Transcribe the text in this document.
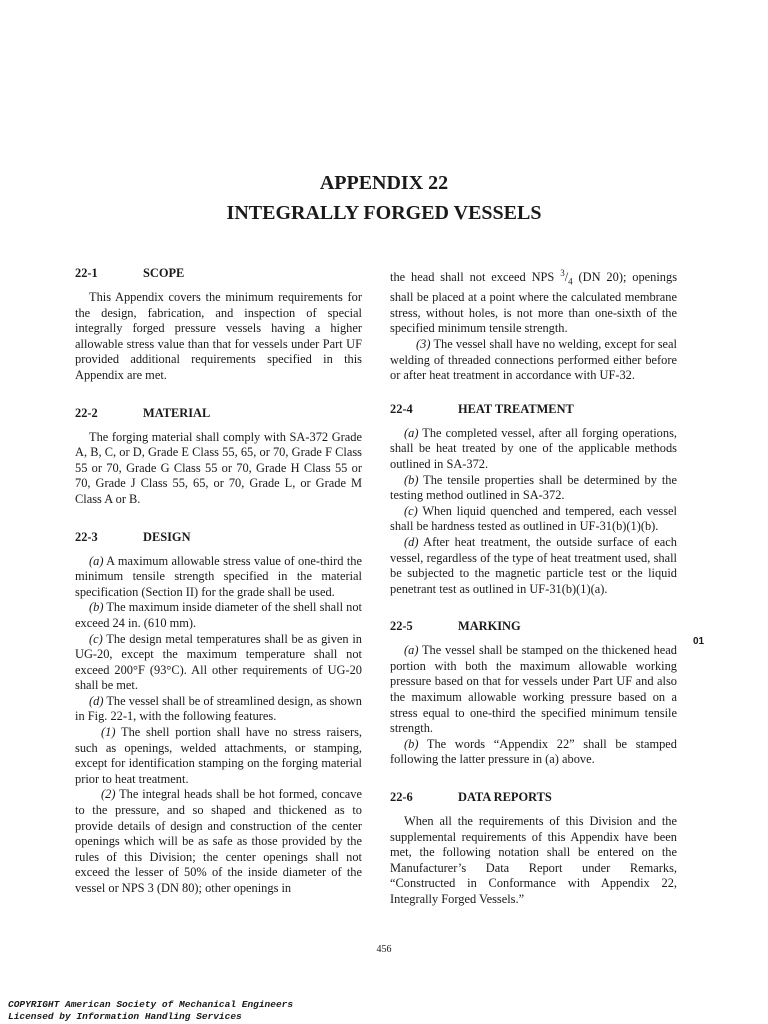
APPENDIX 22
INTEGRALLY FORGED VESSELS
22-1	SCOPE

This Appendix covers the minimum requirements for the design, fabrication, and inspection of special integrally forged pressure vessels having a higher allowable stress value than that for vessels under Part UF provided additional requirements specified in this Appendix are met.

22-2	MATERIAL

The forging material shall comply with SA-372 Grade A, B, C, or D, Grade E Class 55, 65, or 70, Grade F Class 55 or 70, Grade G Class 55 or 70, Grade H Class 55 or 70, Grade J Class 55, 65, or 70, Grade L, or Grade M Class A or B.

22-3	DESIGN

(a) A maximum allowable stress value of one-third the minimum tensile strength specified in the material specification (Section II) for the grade shall be used.

(b) The maximum inside diameter of the shell shall not exceed 24 in. (610 mm).

(c) The design metal temperatures shall be as given in UG-20, except the maximum temperature shall not exceed 200°F (93°C). All other requirements of UG-20 shall be met.

(d) The vessel shall be of streamlined design, as shown in Fig. 22-1, with the following features.

(1) The shell portion shall have no stress raisers, such as openings, welded attachments, or stamping, except for identification stamping on the forging material prior to heat treatment.

(2) The integral heads shall be hot formed, concave to the pressure, and so shaped and thickened as to provide details of design and construction of the center openings which will be as safe as those provided by the rules of this Division; the center openings shall not exceed the lesser of 50% of the inside diameter of the vessel or NPS 3 (DN 80); other openings in

the head shall not exceed NPS $^3/_4$ (DN 20); openings shall be placed at a point where the calculated membrane stress, without holes, is not more than one-sixth of the specified minimum tensile strength.

(3) The vessel shall have no welding, except for seal welding of threaded connections performed either before or after heat treatment in accordance with UF-32.

22-4	HEAT TREATMENT

(a) The completed vessel, after all forging operations, shall be heat treated by one of the applicable methods outlined in SA-372.

(b) The tensile properties shall be determined by the testing method outlined in SA-372.

(c) When liquid quenched and tempered, each vessel shall be hardness tested as outlined in UF-31(b)(1)(b).

(d) After heat treatment, the outside surface of each vessel, regardless of the type of heat treatment used, shall be subjected to the magnetic particle test or the liquid penetrant test as outlined in UF-31(b)(1)(a).

22-5	MARKING

(a) The vessel shall be stamped on the thickened head portion with both the maximum allowable working pressure based on that for vessels under Part UF and also the maximum allowable working pressure based on a stress equal to one-third the specified minimum tensile strength.

(b) The words “Appendix 22” shall be stamped following the latter pressure in (a) above.

22-6	DATA REPORTS

When all the requirements of this Division and the supplemental requirements of this Appendix have been met, the following notation shall be entered on the Manufacturer’s Data Report under Remarks, “Constructed in Conformance with Appendix 22, Integrally Forged Vessels.”

01
456
COPYRIGHT American Society of Mechanical Engineers
Licensed by Information Handling Services
